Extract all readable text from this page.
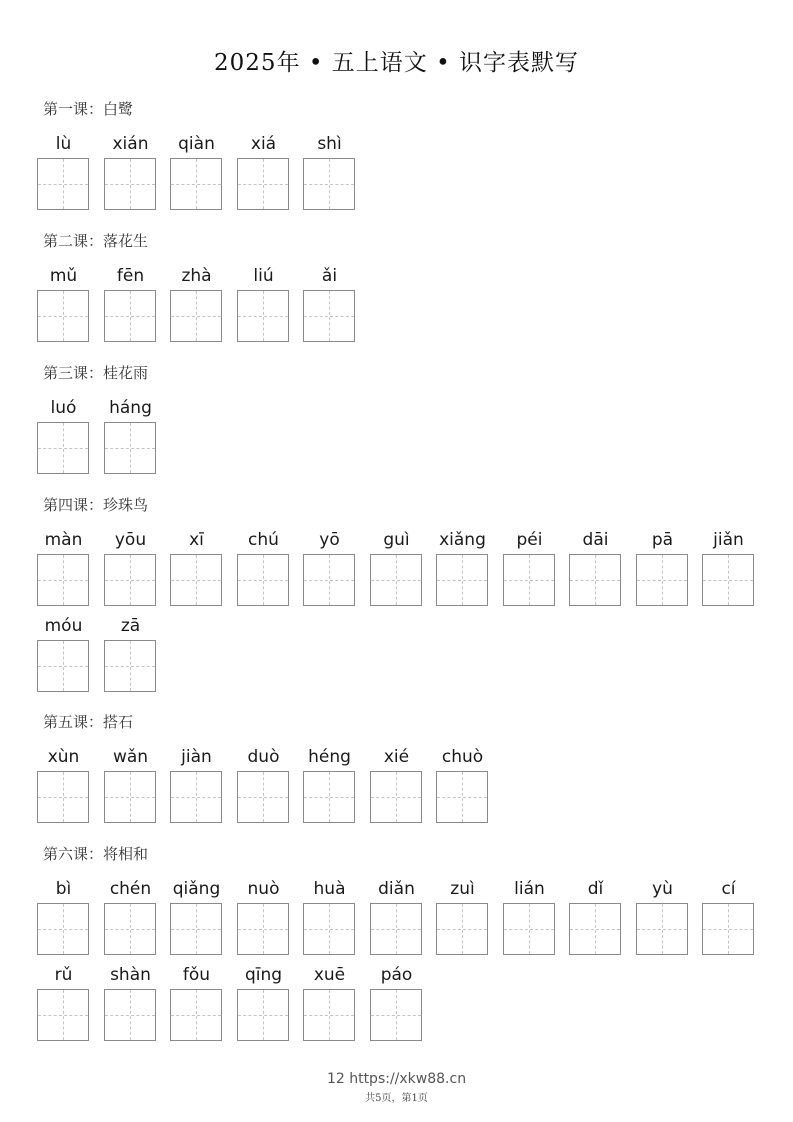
2025年 • 五上语文 • 识字表默写
第一课：白鹭
lù	xián	qiàn	xiá	shì
第二课：落花生
mǔ	fēn	zhà	liú	ǎi
第三课：桂花雨
luó	háng
第四课：珍珠鸟
màn	yōu	xī	chú	yō	guì	xiǎng	péi	dāi	pā	jiǎn
móu	zā
第五课：搭石
xùn	wǎn	jiàn	duò	héng	xié	chuò
第六课：将相和
bì	chén	qiǎng	nuò	huà	diǎn	zuì	lián	dǐ	yù	cí
rǔ	shàn	fǒu	qīng	xuē	páo
12 https://xkw88.cn
共5页，第1页
